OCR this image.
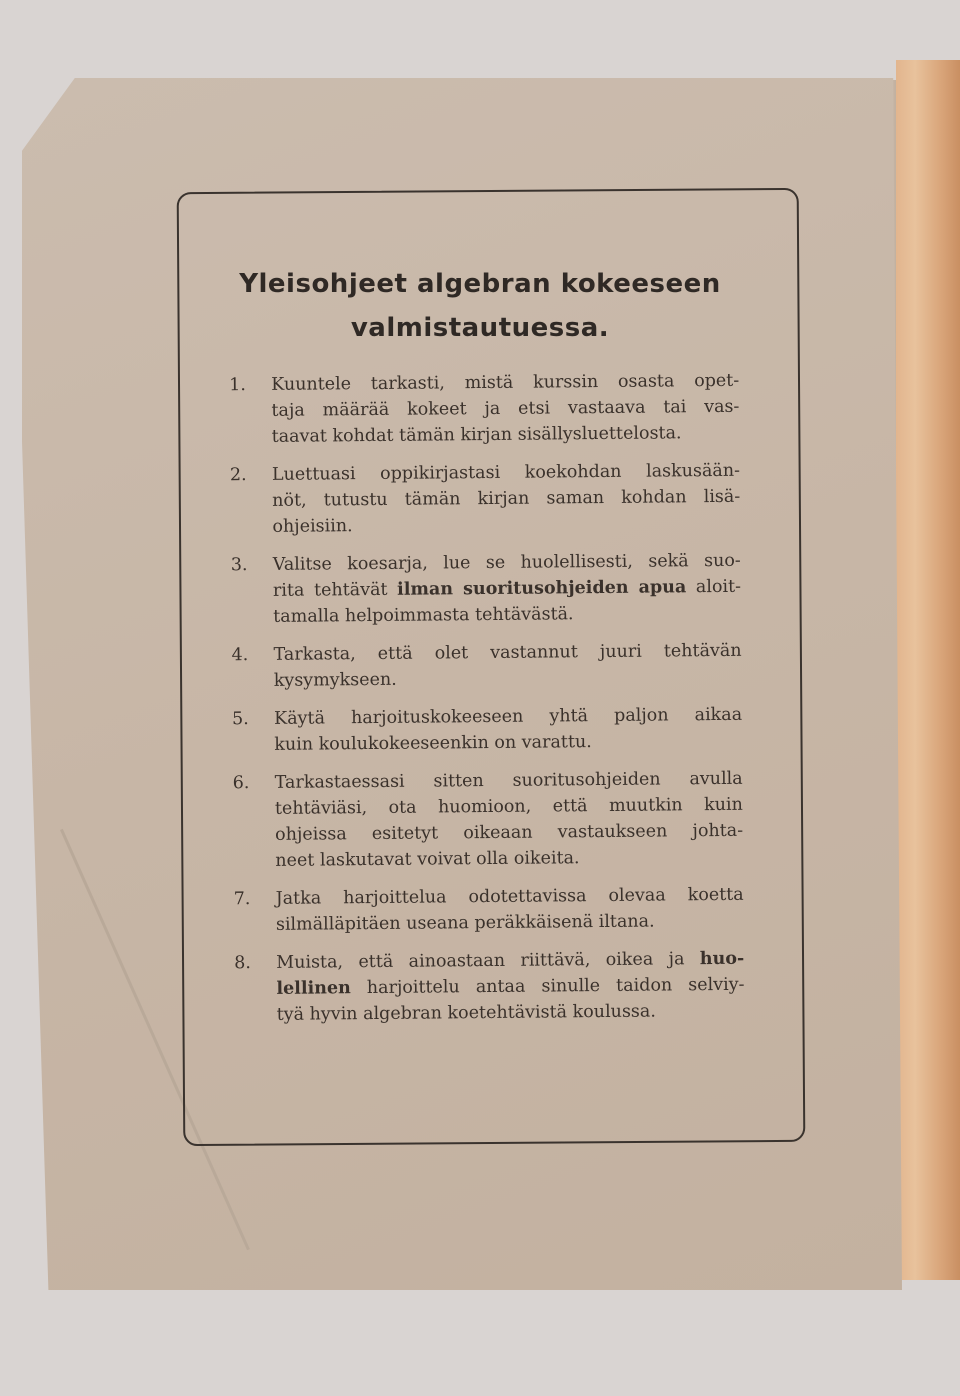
Yleisohjeet algebran kokeeseen
valmistautuessa.
1. Kuuntele tarkasti, mistä kurssin osasta opet-
taja määrää kokeet ja etsi vastaava tai vas-
taavat kohdat tämän kirjan sisällysluettelosta.
2. Luettuasi oppikirjastasi koekohdan laskusään-
nöt, tutustu tämän kirjan saman kohdan lisä-
ohjeisiin.
3. Valitse koesarja, lue se huolellisesti, sekä suo-
rita tehtävät ilman suoritusohjeiden apua aloit-
tamalla helpoimmasta tehtävästä.
4. Tarkasta, että olet vastannut juuri tehtävän
kysymykseen.
5. Käytä harjoituskokeeseen yhtä paljon aikaa
kuin koulukokeeseenkin on varattu.
6. Tarkastaessasi sitten suoritusohjeiden avulla
tehtäviäsi, ota huomioon, että muutkin kuin
ohjeissa esitetyt oikeaan vastaukseen johta-
neet laskutavat voivat olla oikeita.
7. Jatka harjoittelua odotettavissa olevaa koetta
silmälläpitäen useana peräkkäisenä iltana.
8. Muista, että ainoastaan riittävä, oikea ja huo-
lellinen harjoittelu antaa sinulle taidon selviy-
tyä hyvin algebran koetehtävistä koulussa.
